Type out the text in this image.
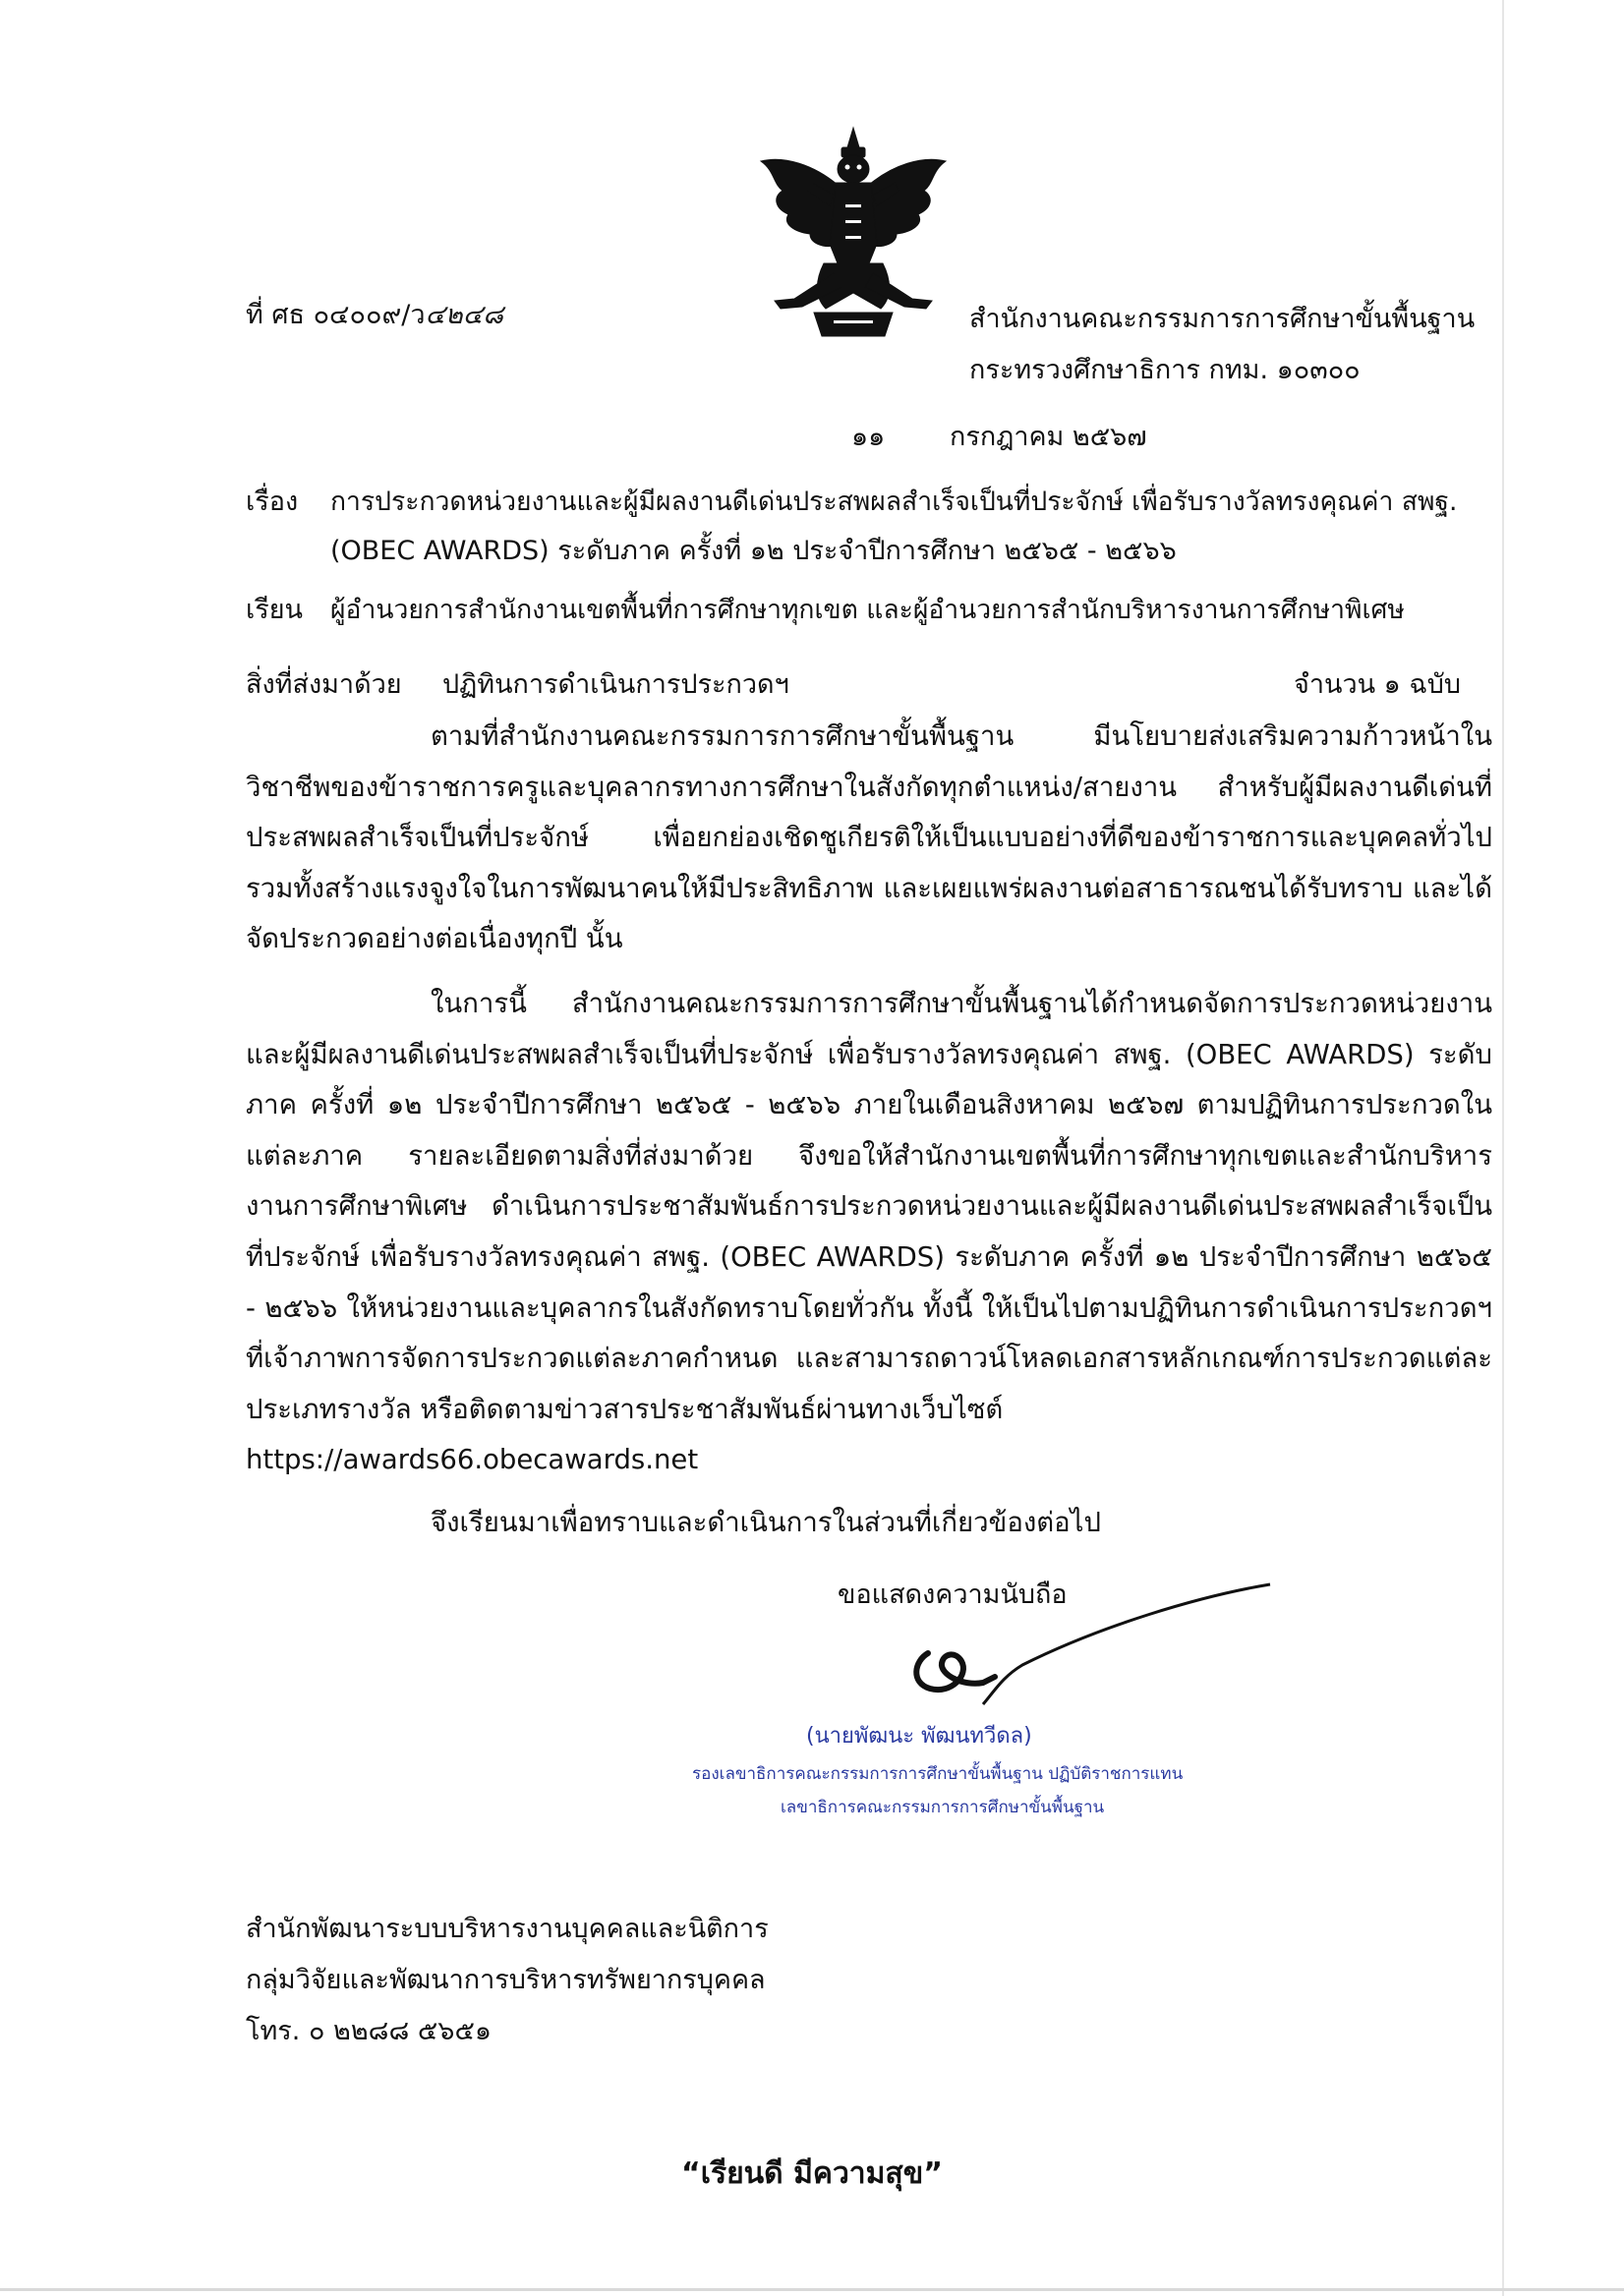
ที่ ศธ ๐๔๐๐๙/ว๔๒๔๘	สำนักงานคณะกรรมการการศึกษาขั้นพื้นฐาน
กระทรวงศึกษาธิการ กทม. ๑๐๓๐๐
๑๑ กรกฎาคม ๒๕๖๗
เรื่อง การประกวดหน่วยงานและผู้มีผลงานดีเด่นประสพผลสำเร็จเป็นที่ประจักษ์ เพื่อรับรางวัลทรงคุณค่า สพฐ.
(OBEC AWARDS) ระดับภาค ครั้งที่ ๑๒ ประจำปีการศึกษา ๒๕๖๕ - ๒๕๖๖
เรียน ผู้อำนวยการสำนักงานเขตพื้นที่การศึกษาทุกเขต และผู้อำนวยการสำนักบริหารงานการศึกษาพิเศษ
สิ่งที่ส่งมาด้วย ปฏิทินการดำเนินการประกวดฯ	จำนวน ๑ ฉบับ

ตามที่สำนักงานคณะกรรมการการศึกษาขั้นพื้นฐาน มีนโยบายส่งเสริมความก้าวหน้าในวิชาชีพของข้าราชการครูและบุคลากรทางการศึกษาในสังกัดทุกตำแหน่ง/สายงาน สำหรับผู้มีผลงานดีเด่นที่ประสพผลสำเร็จเป็นที่ประจักษ์ เพื่อยกย่องเชิดชูเกียรติให้เป็นแบบอย่างที่ดีของข้าราชการและบุคคลทั่วไป รวมทั้งสร้างแรงจูงใจในการพัฒนาคนให้มีประสิทธิภาพ และเผยแพร่ผลงานต่อสาธารณชนได้รับทราบ และได้จัดประกวดอย่างต่อเนื่องทุกปี นั้น

ในการนี้ สำนักงานคณะกรรมการการศึกษาขั้นพื้นฐานได้กำหนดจัดการประกวดหน่วยงานและผู้มีผลงานดีเด่นประสพผลสำเร็จเป็นที่ประจักษ์ เพื่อรับรางวัลทรงคุณค่า สพฐ. (OBEC AWARDS) ระดับภาค ครั้งที่ ๑๒ ประจำปีการศึกษา ๒๕๖๕ - ๒๕๖๖ ภายในเดือนสิงหาคม ๒๕๖๗ ตามปฏิทินการประกวดในแต่ละภาค รายละเอียดตามสิ่งที่ส่งมาด้วย จึงขอให้สำนักงานเขตพื้นที่การศึกษาทุกเขตและสำนักบริหารงานการศึกษาพิเศษ ดำเนินการประชาสัมพันธ์การประกวดหน่วยงานและผู้มีผลงานดีเด่นประสพผลสำเร็จเป็นที่ประจักษ์ เพื่อรับรางวัลทรงคุณค่า สพฐ. (OBEC AWARDS) ระดับภาค ครั้งที่ ๑๒ ประจำปีการศึกษา ๒๕๖๕ - ๒๕๖๖ ให้หน่วยงานและบุคลากรในสังกัดทราบโดยทั่วกัน ทั้งนี้ ให้เป็นไปตามปฏิทินการดำเนินการประกวดฯ ที่เจ้าภาพการจัดการประกวดแต่ละภาคกำหนด และสามารถดาวน์โหลดเอกสารหลักเกณฑ์การประกวดแต่ละประเภทรางวัล หรือติดตามข่าวสารประชาสัมพันธ์ผ่านทางเว็บไซต์

https://awards66.obecawards.net

จึงเรียนมาเพื่อทราบและดำเนินการในส่วนที่เกี่ยวข้องต่อไป

ขอแสดงความนับถือ
(นายพัฒนะ พัฒนทวีดล)
รองเลขาธิการคณะกรรมการการศึกษาขั้นพื้นฐาน ปฏิบัติราชการแทน
เลขาธิการคณะกรรมการการศึกษาขั้นพื้นฐาน
สำนักพัฒนาระบบบริหารงานบุคคลและนิติการ
กลุ่มวิจัยและพัฒนาการบริหารทรัพยากรบุคคล
โทร. ๐ ๒๒๘๘ ๕๖๕๑
“เรียนดี มีความสุข”
